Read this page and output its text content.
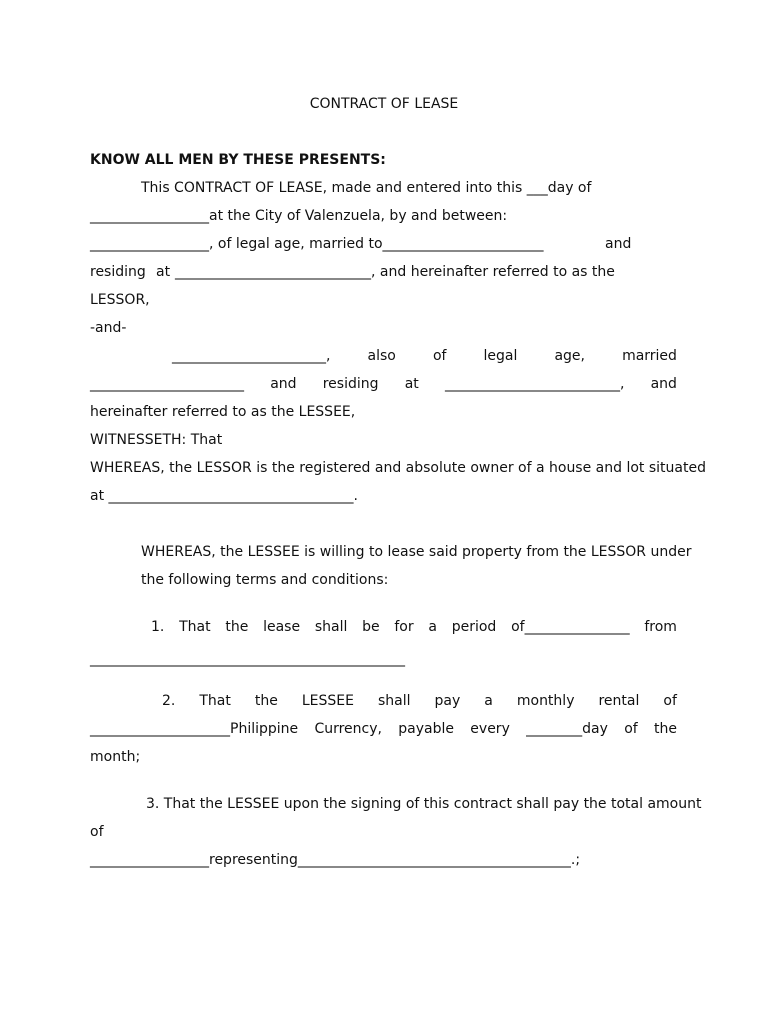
CONTRACT OF LEASE
KNOW ALL MEN BY THESE PRESENTS:
This CONTRACT OF LEASE, made and entered into this ___day of
_________________at the City of Valenzuela, by and between:
_________________, of legal age, married to_______________________	and
residing at ____________________________, and hereinafter referred to as the
LESSOR,
-and-
______________________,	also	of	legal	age,	married
______________________ and residing at _________________________, and
hereinafter referred to as the LESSEE,
WITNESSETH: That
WHEREAS, the LESSOR is the registered and absolute owner of a house and lot situated
at ___________________________________.
WHEREAS, the LESSEE is willing to lease said property from the LESSOR under
the following terms and conditions:
1. That the lease shall be for a period of_______________ from
_____________________________________________
2. That the LESSEE shall pay a monthly rental of
____________________Philippine Currency, payable every ________day of the
month;
3. That the LESSEE upon the signing of this contract shall pay the total amount
of
_________________representing_______________________________________.;
